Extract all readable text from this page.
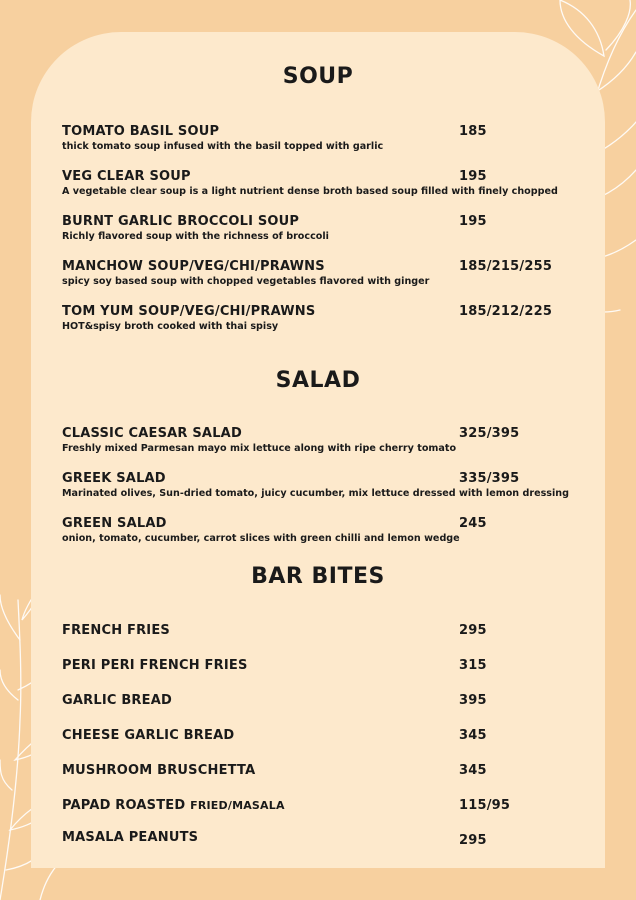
SOUP
TOMATO BASIL SOUP	185
thick tomato soup infused with the basil topped with garlic
VEG CLEAR SOUP	195
A vegetable clear soup is a light nutrient dense broth based soup filled with finely chopped
BURNT GARLIC BROCCOLI SOUP	195
Richly flavored soup with the richness of broccoli
MANCHOW SOUP/VEG/CHI/PRAWNS	185/215/255
spicy soy based soup with chopped vegetables flavored with ginger
TOM YUM SOUP/VEG/CHI/PRAWNS	185/212/225
HOT&spisy broth cooked with thai spisy
SALAD
CLASSIC CAESAR SALAD	325/395
Freshly mixed Parmesan mayo mix lettuce along with ripe cherry tomato
GREEK SALAD	335/395
Marinated olives, Sun-dried tomato, juicy cucumber, mix lettuce dressed with lemon dressing
GREEN SALAD	245
onion, tomato, cucumber, carrot slices with green chilli and lemon wedge
BAR BITES
FRENCH FRIES	295
PERI PERI FRENCH FRIES	315
GARLIC BREAD	395
CHEESE GARLIC BREAD	345
MUSHROOM BRUSCHETTA	345
PAPAD ROASTED FRIED/MASALA	115/95
MASALA PEANUTS	295
